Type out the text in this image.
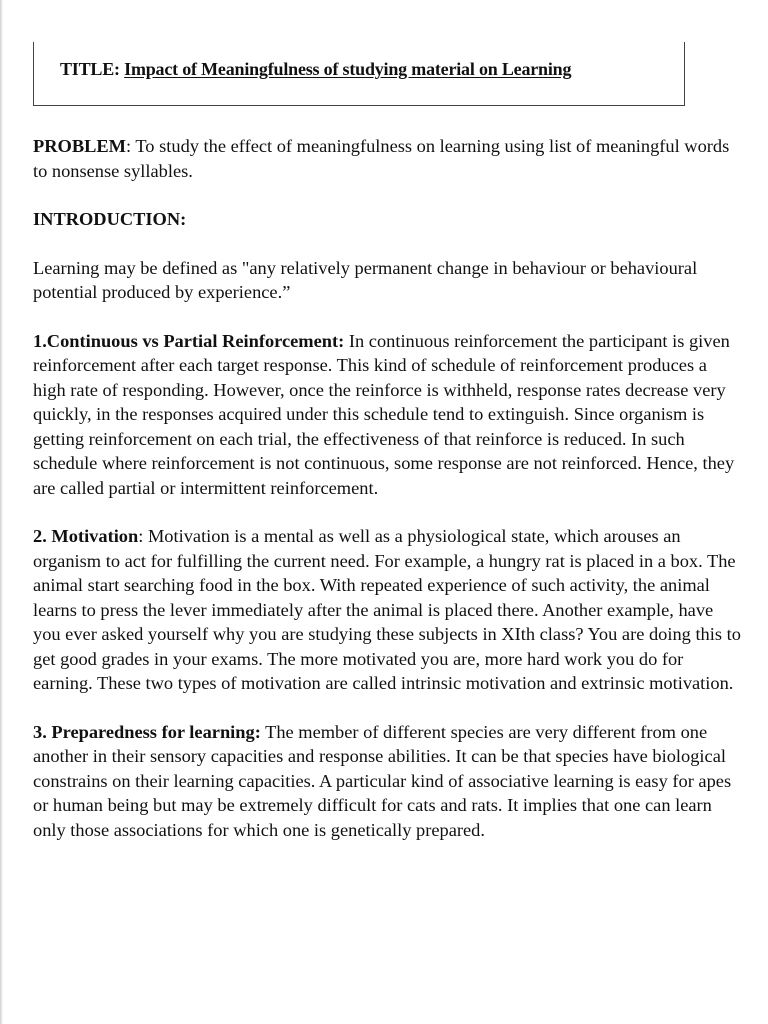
TITLE: Impact of Meaningfulness of studying material on Learning

PROBLEM: To study the effect of meaningfulness on learning using list of meaningful words to nonsense syllables.

INTRODUCTION:

Learning may be defined as "any relatively permanent change in behaviour or behavioural potential produced by experience.”

1.Continuous vs Partial Reinforcement: In continuous reinforcement the participant is given reinforcement after each target response. This kind of schedule of reinforcement produces a high rate of responding. However, once the reinforce is withheld, response rates decrease very quickly, in the responses acquired under this schedule tend to extinguish. Since organism is getting reinforcement on each trial, the effectiveness of that reinforce is reduced. In such schedule where reinforcement is not continuous, some response are not reinforced. Hence, they are called partial or intermittent reinforcement.

2. Motivation: Motivation is a mental as well as a physiological state, which arouses an organism to act for fulfilling the current need. For example, a hungry rat is placed in a box. The animal start searching food in the box. With repeated experience of such activity, the animal learns to press the lever immediately after the animal is placed there. Another example, have you ever asked yourself why you are studying these subjects in XIth class? You are doing this to get good grades in your exams. The more motivated you are, more hard work you do for earning. These two types of motivation are called intrinsic motivation and extrinsic motivation.

3. Preparedness for learning: The member of different species are very different from one another in their sensory capacities and response abilities. It can be that species have biological constrains on their learning capacities. A particular kind of associative learning is easy for apes or human being but may be extremely difficult for cats and rats. It implies that one can learn only those associations for which one is genetically prepared.
